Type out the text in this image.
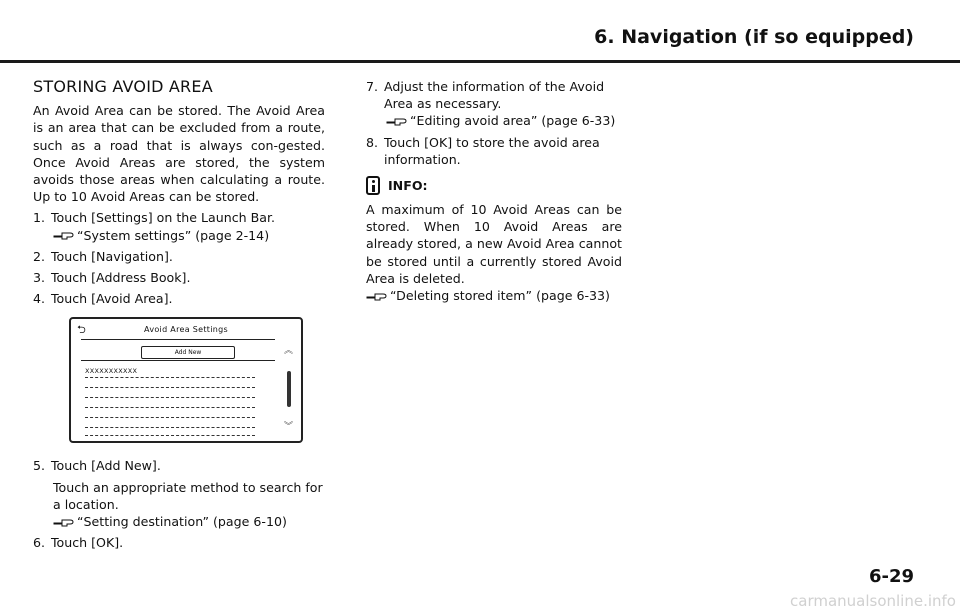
6. Navigation (if so equipped)
STORING AVOID AREA

An Avoid Area can be stored. The Avoid Area is an area that can be excluded from a route, such as a road that is always con-gested. Once Avoid Areas are stored, the system avoids those areas when calculating a route. Up to 10 Avoid Areas can be stored.

1. Touch [Settings] on the Launch Bar.
“System settings” (page 2-14)
2. Touch [Navigation].
3. Touch [Address Book].
4. Touch [Avoid Area].
⮌	Avoid Area Settings
Add New
XXXXXXXXXXX
︽
︾
5. Touch [Add New].

Touch an appropriate method to search for a location.

“Setting destination” (page 6-10)
6. Touch [OK].
7. Adjust the information of the Avoid Area as necessary.
“Editing avoid area” (page 6-33)
8. Touch [OK] to store the avoid area information.
INFO:

A maximum of 10 Avoid Areas can be stored. When 10 Avoid Areas are already stored, a new Avoid Area cannot be stored until a currently stored Avoid Area is deleted.

“Deleting stored item” (page 6-33)
6-29
carmanualsonline.info
